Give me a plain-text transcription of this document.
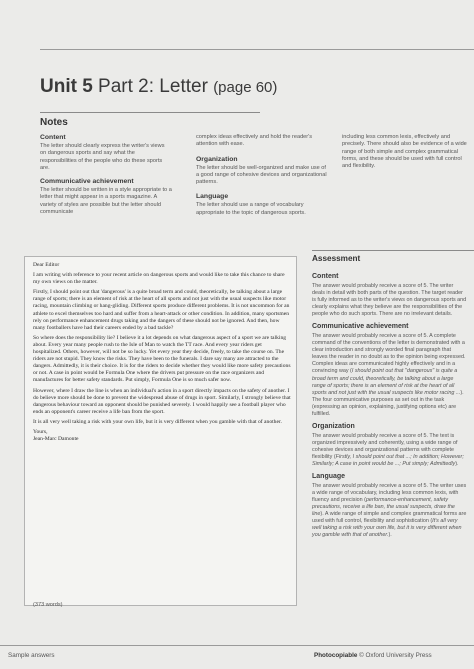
Unit 5 Part 2: Letter (page 60)
Notes
Content

The letter should clearly express the writer's views on dangerous sports and say what the responsibilities of the people who do these sports are.

Communicative achievement

The letter should be written in a style appropriate to a letter that might appear in a sports magazine. A variety of styles are possible but the letter should communicate

complex ideas effectively and hold the reader's attention with ease.

Organization

The letter should be well-organized and make use of a good range of cohesive devices and organizational patterns.

Language

The letter should use a range of vocabulary appropriate to the topic of dangerous sports.

including less common lexis, effectively and precisely. There should also be evidence of a wide range of both simple and complex grammatical forms, and these should be used with full control and flexibility.

Dear Editor

I am writing with reference to your recent article on dangerous sports and would like to take this chance to share my own views on the matter.

Firstly, I should point out that 'dangerous' is a quite broad term and could, theoretically, be talking about a large range of sports; there is an element of risk at the heart of all sports and not just with the usual suspects like motor racing, mountain climbing or hang-gliding. Different sports produce different problems. It is not uncommon for an athlete to excel themselves too hard and suffer from a heart-attack or other condition. In addition, many sportsmen rely on performance enhancement drugs taking and the dangers of these should not be ignored. And then, how many footballers have had their careers ended by a bad tackle?

So where does the responsibility lie? I believe it a lot depends on what dangerous aspect of a sport we are talking about. Every year many people rush to the Isle of Man to watch the TT race. And every year riders get hospitalized. Others, however, will not be so lucky. Yet every year they decide, freely, to take the course on. The riders are not stupid. They know the risks. They have been to the funerals. I dare say many are attracted to the dangers. Admittedly, it is their choice. It is for the riders to decide whether they would like more safety precautions or not. A case in point would be Formula One where the drivers put pressure on the race organizers and manufactures for better safety standards. Put simply, Formula One is so much safer now.

However, where I draw the line is when an individual's action in a sport directly impacts on the safety of another. I do believe more should be done to prevent the widespread abuse of drugs in sport. Similarly, I strongly believe that dangerous behaviour toward an opponent should be punished severely. I would happily see a football player who ends an opponent's career receive a life ban from the sport.

It is all very well taking a risk with your own life, but it is very different when you gamble with that of another.

Yours,

Jean-Marc Damonte

(373 words)
Assessment
Content

The answer would probably receive a score of 5. The writer deals in detail with both parts of the question. The target reader is fully informed as to the writer's views on dangerous sports and clearly explains what they believe are the responsibilities of the people who do such sports. There are no irrelevant details.

Communicative achievement

The answer would probably receive a score of 5. A complete command of the conventions of the letter is demonstrated with a clear introduction and strongly worded final paragraph that leaves the reader in no doubt as to the opinion being expressed. Complex ideas are communicated highly effectively and in a convincing way (I should point out that "dangerous" is quite a broad term and could, theoretically, be talking about a large range of sports; there is an element of risk at the heart of all sports and not just with the usual suspects like motor racing ...). The four communicative purposes as set out in the task (expressing an opinion, explaining, justifying options etc) are fulfilled.

Organization

The answer would probably receive a score of 5. The text is organized impressively and coherently, using a wide range of cohesive devices and organizational patterns with complete flexibility (Firstly, I should point out that ...; In addition; However; Similarly; A case in point would be ...; Put simply; Admittedly).

Language

The answer would probably receive a score of 5. The writer uses a wide range of vocabulary, including less common lexis, with fluency and precision (performance-enhancement, safety precautions, receive a life ban, the usual suspects, draw the line). A wide range of simple and complex grammatical forms are used with full control, flexibility and sophistication (It's all very well taking a risk with your own life, but it is very different when you gamble with that of another.).

Sample answers	Photocopiable © Oxford University Press
